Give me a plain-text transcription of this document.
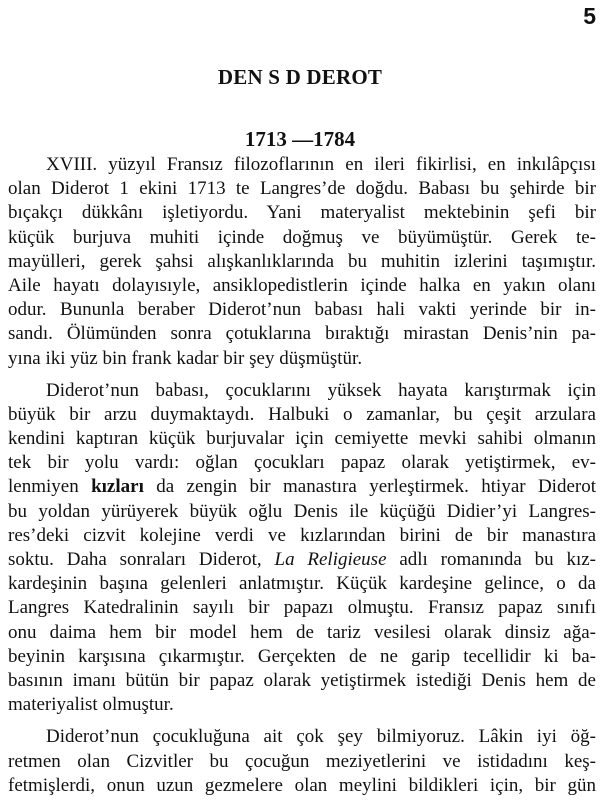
5
DEN S D DEROT
1713 —1784
XVIII. yüzyıl Fransız filozoflarının en ileri fikirlisi, en inkılâpçısı
olan Diderot 1 ekini 1713 te Langres’de doğdu. Babası bu şehirde bir
bıçakçı dükkânı işletiyordu. Yani materyalist mektebinin şefi bir
küçük burjuva muhiti içinde doğmuş ve büyümüştür. Gerek te-
mayülleri, gerek şahsi alışkanlıklarında bu muhitin izlerini taşımıştır.
Aile hayatı dolayısıyle, ansiklopedistlerin içinde halka en yakın olanı
odur. Bununla beraber Diderot’nun babası hali vakti yerinde bir in-
sandı. Ölümünden sonra çotuklarına bıraktığı mirastan Denis’nin pa-
yına iki yüz bin frank kadar bir şey düşmüştür.
Diderot’nun babası, çocuklarını yüksek hayata karıştırmak için
büyük bir arzu duymaktaydı. Halbuki o zamanlar, bu çeşit arzulara
kendini kaptıran küçük burjuvalar için cemiyette mevki sahibi olmanın
tek bir yolu vardı: oğlan çocukları papaz olarak yetiştirmek, ev-
lenmiyen kızları da zengin bir manastıra yerleştirmek. htiyar Diderot
bu yoldan yürüyerek büyük oğlu Denis ile küçüğü Didier’yi Langres-
res’deki cizvit kolejine verdi ve kızlarından birini de bir manastıra
soktu. Daha sonraları Diderot, La Religieuse adlı romanında bu kız-
kardeşinin başına gelenleri anlatmıştır. Küçük kardeşine gelince, o da
Langres Katedralinin sayılı bir papazı olmuştu. Fransız papaz sınıfı
onu daima hem bir model hem de tariz vesilesi olarak dinsiz ağa-
beyinin karşısına çıkarmıştır. Gerçekten de ne garip tecellidir ki ba-
basının imanı bütün bir papaz olarak yetiştirmek istediği Denis hem de
materiyalist olmuştur.
Diderot’nun çocukluğuna ait çok şey bilmiyoruz. Lâkin iyi öğ-
retmen olan Cizvitler bu çocuğun meziyetlerini ve istidadını keş-
fetmişlerdi, onun uzun gezmelere olan meylini bildikleri için, bir gün
